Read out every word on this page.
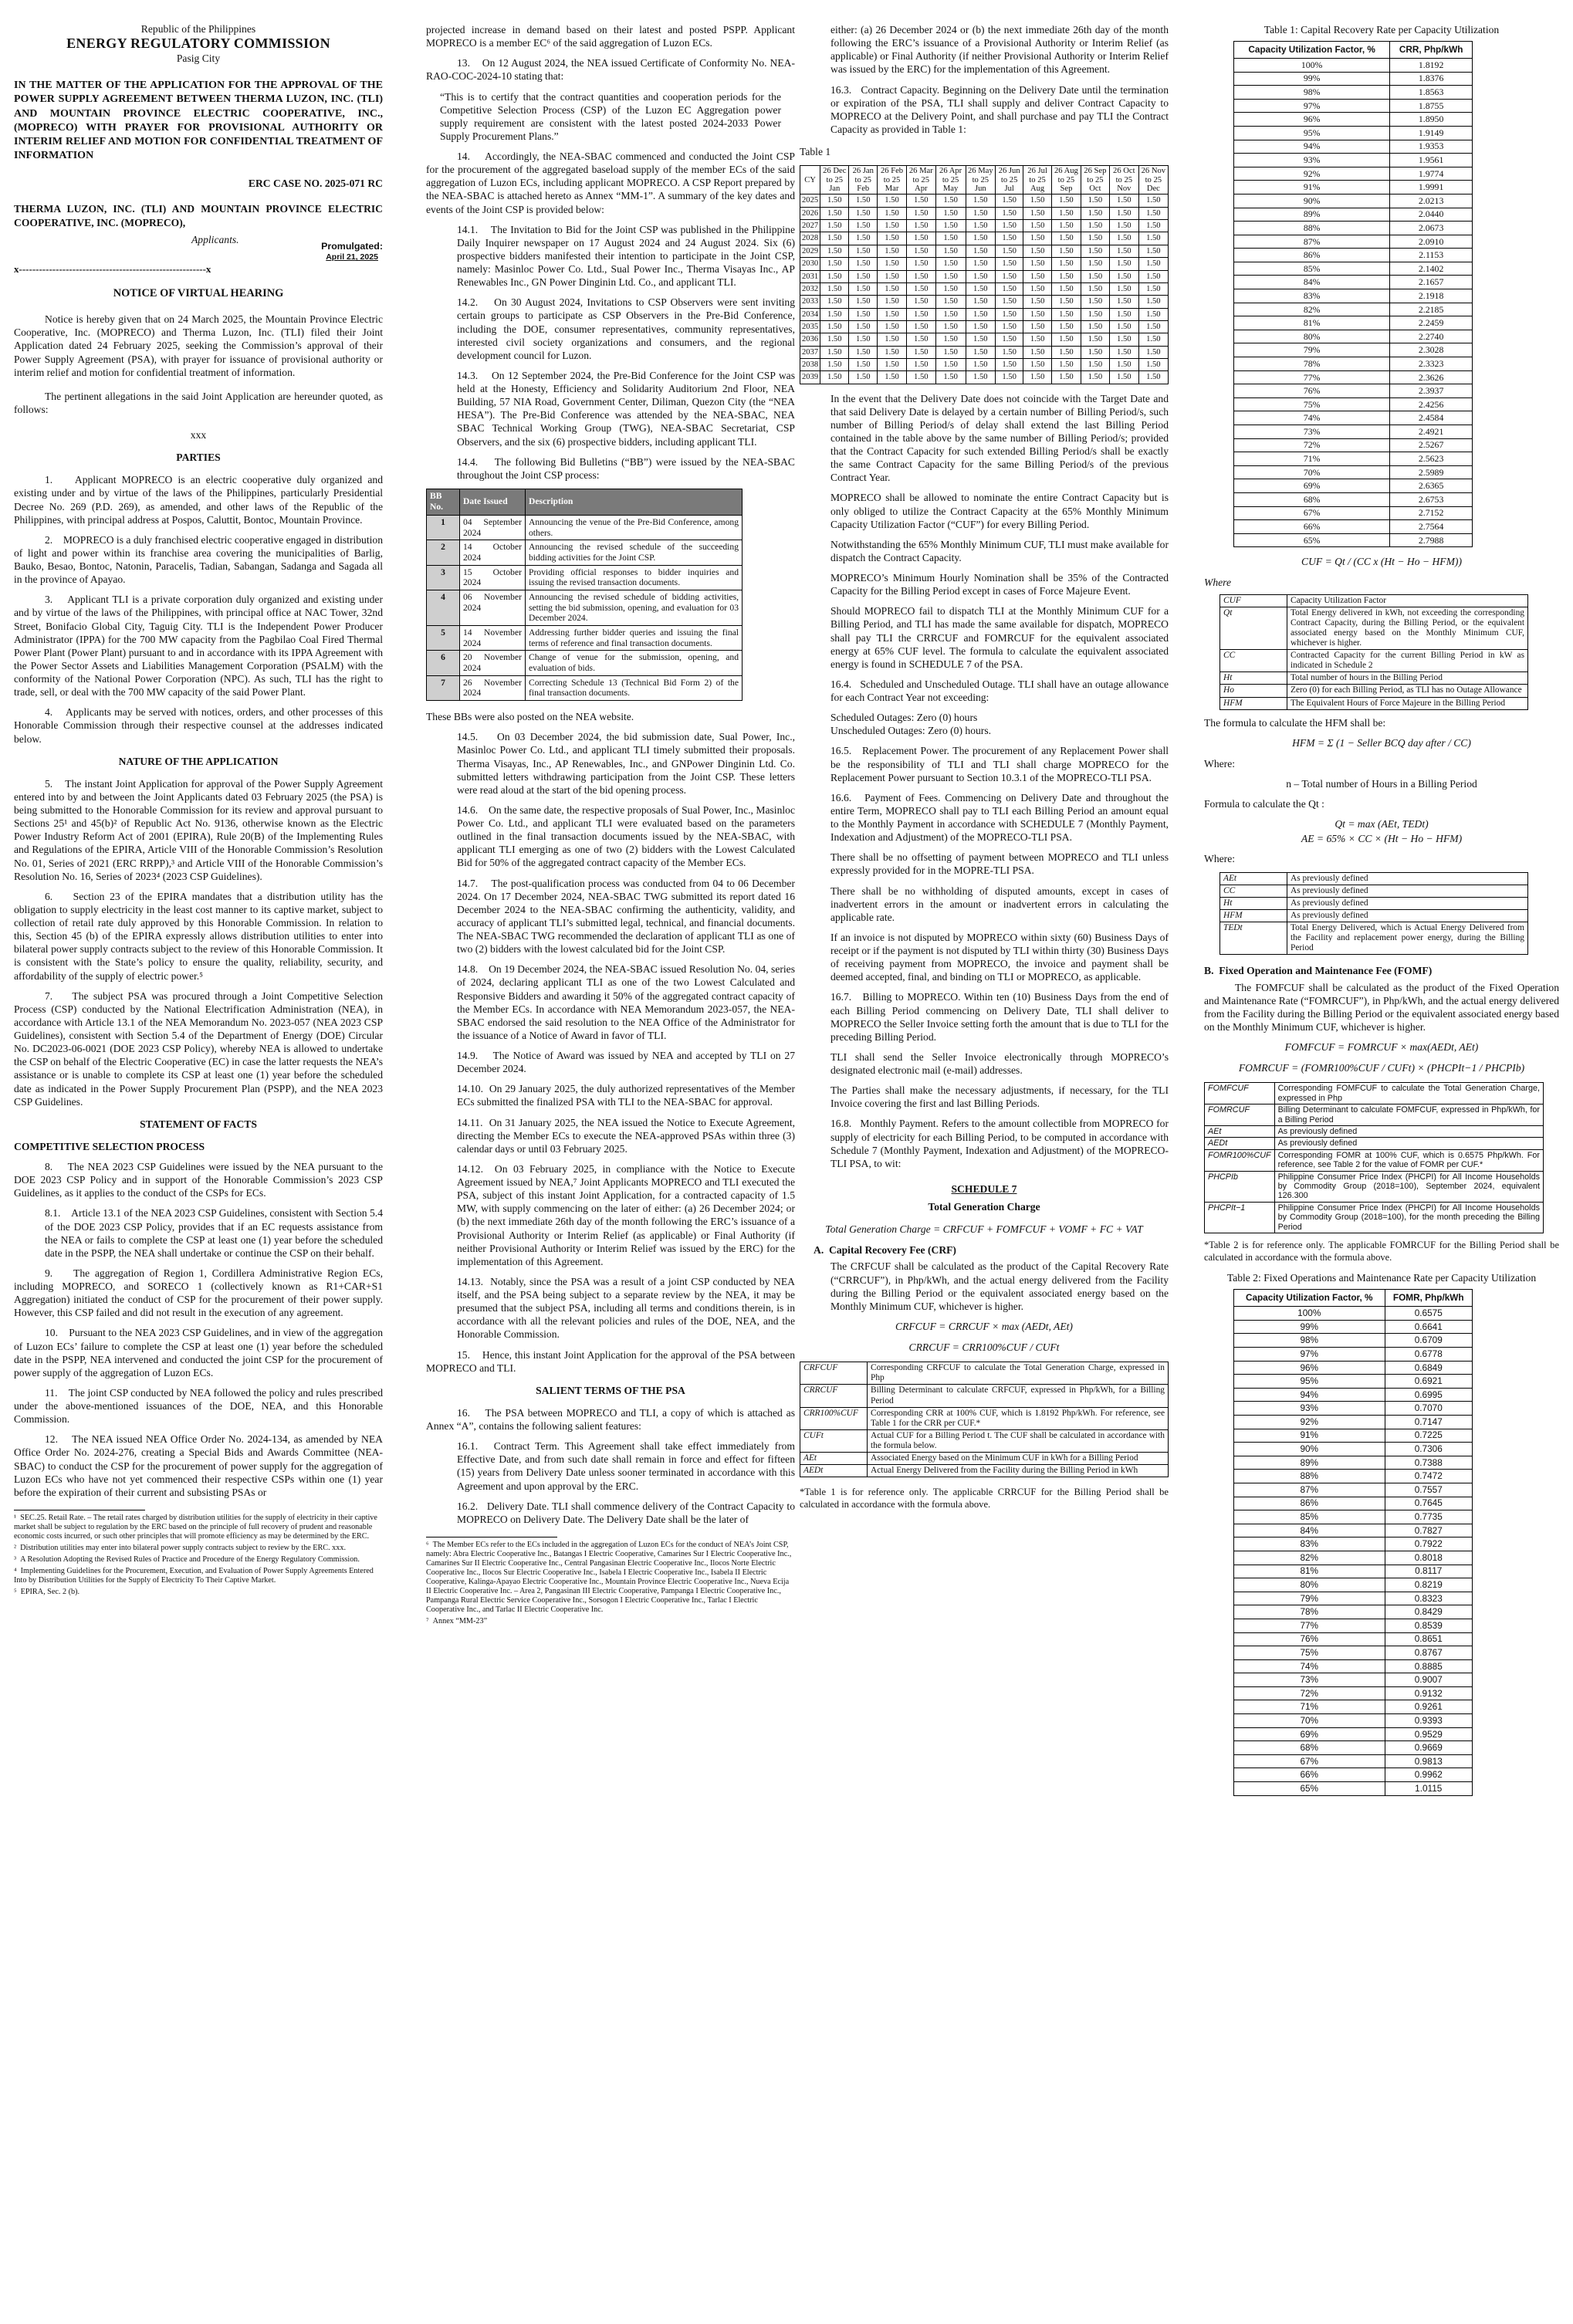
Republic of the Philippines
ENERGY REGULATORY COMMISSION
Pasig City
IN THE MATTER OF THE APPLICATION FOR THE APPROVAL OF THE POWER SUPPLY AGREEMENT BETWEEN THERMA LUZON, INC. (TLI) AND MOUNTAIN PROVINCE ELECTRIC COOPERATIVE, INC., (MOPRECO) WITH PRAYER FOR PROVISIONAL AUTHORITY OR INTERIM RELIEF AND MOTION FOR CONFIDENTIAL TREATMENT OF INFORMATION
ERC CASE NO. 2025-071 RC
THERMA LUZON, INC. (TLI) AND MOUNTAIN PROVINCE ELECTRIC COOPERATIVE, INC. (MOPRECO),
Applicants.
Promulgated:
April 21, 2025
x--------------------------------------------------------x
NOTICE OF VIRTUAL HEARING

Notice is hereby given that on 24 March 2025, the Mountain Province Electric Cooperative, Inc. (MOPRECO) and Therma Luzon, Inc. (TLI) filed their Joint Application dated 24 February 2025, seeking the Commission’s approval of their Power Supply Agreement (PSA), with prayer for issuance of provisional authority or interim relief and motion for confidential treatment of information.

The pertinent allegations in the said Joint Application are hereunder quoted, as follows:

xxx

PARTIES

1.    Applicant MOPRECO is an electric cooperative duly organized and existing under and by virtue of the laws of the Philippines, particularly Presidential Decree No. 269 (P.D. 269), as amended, and other laws of the Republic of the Philippines, with principal address at Pospos, Caluttit, Bontoc, Mountain Province.

2.    MOPRECO is a duly franchised electric cooperative engaged in distribution of light and power within its franchise area covering the municipalities of Barlig, Bauko, Besao, Bontoc, Natonin, Paracelis, Tadian, Sabangan, Sadanga and Sagada all in the province of Apayao.

3.    Applicant TLI is a private corporation duly organized and existing under and by virtue of the laws of the Philippines, with principal office at NAC Tower, 32nd Street, Bonifacio Global City, Taguig City. TLI is the Independent Power Producer Administrator (IPPA) for the 700 MW capacity from the Pagbilao Coal Fired Thermal Power Plant (Power Plant) pursuant to and in accordance with its IPPA Agreement with the Power Sector Assets and Liabilities Management Corporation (PSALM) with the conformity of the National Power Corporation (NPC). As such, TLI has the right to trade, sell, or deal with the 700 MW capacity of the said Power Plant.

4.    Applicants may be served with notices, orders, and other processes of this Honorable Commission through their respective counsel at the addresses indicated below.

NATURE OF THE APPLICATION

5.    The instant Joint Application for approval of the Power Supply Agreement entered into by and between the Joint Applicants dated 03 February 2025 (the PSA) is being submitted to the Honorable Commission for its review and approval pursuant to Sections 25¹ and 45(b)² of Republic Act No. 9136, otherwise known as the Electric Power Industry Reform Act of 2001 (EPIRA), Rule 20(B) of the Implementing Rules and Regulations of the EPIRA, Article VIII of the Honorable Commission’s Resolution No. 01, Series of 2021 (ERC RRPP),³ and Article VIII of the Honorable Commission’s Resolution No. 16, Series of 2023⁴ (2023 CSP Guidelines).

6.    Section 23 of the EPIRA mandates that a distribution utility has the obligation to supply electricity in the least cost manner to its captive market, subject to collection of retail rate duly approved by this Honorable Commission. In relation to this, Section 45 (b) of the EPIRA expressly allows distribution utilities to enter into bilateral power supply contracts subject to the review of this Honorable Commission. It is consistent with the State’s policy to ensure the quality, reliability, security, and affordability of the supply of electric power.⁵

7.    The subject PSA was procured through a Joint Competitive Selection Process (CSP) conducted by the National Electrification Administration (NEA), in accordance with Article 13.1 of the NEA Memorandum No. 2023-057 (NEA 2023 CSP Guidelines), consistent with Section 5.4 of the Department of Energy (DOE) Circular No. DC2023-06-0021 (DOE 2023 CSP Policy), whereby NEA is allowed to undertake the CSP on behalf of the Electric Cooperative (EC) in case the latter requests the NEA’s assistance or is unable to complete its CSP at least one (1) year before the scheduled date as indicated in the Power Supply Procurement Plan (PSPP), and the NEA 2023 CSP Guidelines.

STATEMENT OF FACTS
COMPETITIVE SELECTION PROCESS

8.    The NEA 2023 CSP Guidelines were issued by the NEA pursuant to the DOE 2023 CSP Policy and in support of the Honorable Commission’s 2023 CSP Guidelines, as it applies to the conduct of the CSPs for ECs.

8.1.    Article 13.1 of the NEA 2023 CSP Guidelines, consistent with Section 5.4 of the DOE 2023 CSP Policy, provides that if an EC requests assistance from the NEA or fails to complete the CSP at least one (1) year before the scheduled date in the PSPP, the NEA shall undertake or continue the CSP on their behalf.

9.    The aggregation of Region 1, Cordillera Administrative Region ECs, including MOPRECO, and SORECO 1 (collectively known as R1+CAR+S1 Aggregation) initiated the conduct of CSP for the procurement of their power supply. However, this CSP failed and did not result in the execution of any agreement.

10.    Pursuant to the NEA 2023 CSP Guidelines, and in view of the aggregation of Luzon ECs’ failure to complete the CSP at least one (1) year before the scheduled date in the PSPP, NEA intervened and conducted the joint CSP for the procurement of power supply of the aggregation of Luzon ECs.

11.    The joint CSP conducted by NEA followed the policy and rules prescribed under the above-mentioned issuances of the DOE, NEA, and this Honorable Commission.

12.    The NEA issued NEA Office Order No. 2024-134, as amended by NEA Office Order No. 2024-276, creating a Special Bids and Awards Committee (NEA-SBAC) to conduct the CSP for the procurement of power supply for the aggregation of Luzon ECs who have not yet commenced their respective CSPs within one (1) year before the expiration of their current and subsisting PSAs or

¹  SEC.25. Retail Rate. – The retail rates charged by distribution utilities for the supply of electricity in their captive market shall be subject to regulation by the ERC based on the principle of full recovery of prudent and reasonable economic costs incurred, or such other principles that will promote efficiency as may be determined by the ERC.
²  Distribution utilities may enter into bilateral power supply contracts subject to review by the ERC. xxx.
³  A Resolution Adopting the Revised Rules of Practice and Procedure of the Energy Regulatory Commission.
⁴  Implementing Guidelines for the Procurement, Execution, and Evaluation of Power Supply Agreements Entered Into by Distribution Utilities for the Supply of Electricity To Their Captive Market.
⁵  EPIRA, Sec. 2 (b).

projected increase in demand based on their latest and posted PSPP. Applicant MOPRECO is a member EC⁶ of the said aggregation of Luzon ECs.

13.    On 12 August 2024, the NEA issued Certificate of Conformity No. NEA-RAO-COC-2024-10 stating that:

“This is to certify that the contract quantities and cooperation periods for the Competitive Selection Process (CSP) of the Luzon EC Aggregation power supply requirement are consistent with the latest posted 2024-2033 Power Supply Procurement Plans.”

14.    Accordingly, the NEA-SBAC commenced and conducted the Joint CSP for the procurement of the aggregated baseload supply of the member ECs of the said aggregation of Luzon ECs, including applicant MOPRECO. A CSP Report prepared by the NEA-SBAC is attached hereto as Annex “MM-1”. A summary of the key dates and events of the Joint CSP is provided below:

14.1.    The Invitation to Bid for the Joint CSP was published in the Philippine Daily Inquirer newspaper on 17 August 2024 and 24 August 2024. Six (6) prospective bidders manifested their intention to participate in the Joint CSP, namely: Masinloc Power Co. Ltd., Sual Power Inc., Therma Visayas Inc., AP Renewables Inc., GN Power Dinginin Ltd. Co., and applicant TLI.

14.2.    On 30 August 2024, Invitations to CSP Observers were sent inviting certain groups to participate as CSP Observers in the Pre-Bid Conference, including the DOE, consumer representatives, community representatives, interested civil society organizations and consumers, and the regional development council for Luzon.

14.3.    On 12 September 2024, the Pre-Bid Conference for the Joint CSP was held at the Honesty, Efficiency and Solidarity Auditorium 2nd Floor, NEA Building, 57 NIA Road, Government Center, Diliman, Quezon City (the “NEA HESA”). The Pre-Bid Conference was attended by the NEA-SBAC, NEA SBAC Technical Working Group (TWG), NEA-SBAC Secretariat, CSP Observers, and the six (6) prospective bidders, including applicant TLI.

14.4.    The following Bid Bulletins (“BB”) were issued by the NEA-SBAC throughout the Joint CSP process:

BB No.	Date Issued	Description
1	04 September 2024	Announcing the venue of the Pre-Bid Conference, among others.
2	14 October 2024	Announcing the revised schedule of the succeeding bidding activities for the Joint CSP.
3	15 October 2024	Providing official responses to bidder inquiries and issuing the revised transaction documents.
4	06 November 2024	Announcing the revised schedule of bidding activities, setting the bid submission, opening, and evaluation for 03 December 2024.
5	14 November 2024	Addressing further bidder queries and issuing the final terms of reference and final transaction documents.
6	20 November 2024	Change of venue for the submission, opening, and evaluation of bids.
7	26 November 2024	Correcting Schedule 13 (Technical Bid Form 2) of the final transaction documents.

These BBs were also posted on the NEA website.

14.5.    On 03 December 2024, the bid submission date, Sual Power, Inc., Masinloc Power Co. Ltd., and applicant TLI timely submitted their proposals. Therma Visayas, Inc., AP Renewables, Inc., and GNPower Dinginin Ltd. Co. submitted letters withdrawing participation from the Joint CSP. These letters were read aloud at the start of the bid opening process.

14.6.    On the same date, the respective proposals of Sual Power, Inc., Masinloc Power Co. Ltd., and applicant TLI were evaluated based on the parameters outlined in the final transaction documents issued by the NEA-SBAC, with applicant TLI emerging as one of two (2) bidders with the Lowest Calculated Bid for 50% of the aggregated contract capacity of the Member ECs.

14.7.    The post-qualification process was conducted from 04 to 06 December 2024. On 17 December 2024, NEA-SBAC TWG submitted its report dated 16 December 2024 to the NEA-SBAC confirming the authenticity, validity, and accuracy of applicant TLI’s submitted legal, technical, and financial documents. The NEA-SBAC TWG recommended the declaration of applicant TLI as one of two (2) bidders with the lowest calculated bid for the Joint CSP.

14.8.    On 19 December 2024, the NEA-SBAC issued Resolution No. 04, series of 2024, declaring applicant TLI as one of the two Lowest Calculated and Responsive Bidders and awarding it 50% of the aggregated contract capacity of the Member ECs. In accordance with NEA Memorandum 2023-057, the NEA-SBAC endorsed the said resolution to the NEA Office of the Administrator for the issuance of a Notice of Award in favor of TLI.

14.9.    The Notice of Award was issued by NEA and accepted by TLI on 27 December 2024.

14.10.  On 29 January 2025, the duly authorized representatives of the Member ECs submitted the finalized PSA with TLI to the NEA-SBAC for approval.

14.11.  On 31 January 2025, the NEA issued the Notice to Execute Agreement, directing the Member ECs to execute the NEA-approved PSAs within three (3) calendar days or until 03 February 2025.

14.12.  On 03 February 2025, in compliance with the Notice to Execute Agreement issued by NEA,⁷ Joint Applicants MOPRECO and TLI executed the PSA, subject of this instant Joint Application, for a contracted capacity of 1.5 MW, with supply commencing on the later of either: (a) 26 December 2024; or (b) the next immediate 26th day of the month following the ERC’s issuance of a Provisional Authority or Interim Relief (as applicable) or Final Authority (if neither Provisional Authority or Interim Relief was issued by the ERC) for the implementation of this Agreement.

14.13.  Notably, since the PSA was a result of a joint CSP conducted by NEA itself, and the PSA being subject to a separate review by the NEA, it may be presumed that the subject PSA, including all terms and conditions therein, is in accordance with all the relevant policies and rules of the DOE, NEA, and the Honorable Commission.

15.    Hence, this instant Joint Application for the approval of the PSA between MOPRECO and TLI.

SALIENT TERMS OF THE PSA

16.    The PSA between MOPRECO and TLI, a copy of which is attached as Annex “A”, contains the following salient features:

16.1.   Contract Term. This Agreement shall take effect immediately from Effective Date, and from such date shall remain in force and effect for fifteen (15) years from Delivery Date unless sooner terminated in accordance with this Agreement and upon approval by the ERC.

16.2.   Delivery Date. TLI shall commence delivery of the Contract Capacity to MOPRECO on Delivery Date. The Delivery Date shall be the later of

⁶  The Member ECs refer to the ECs included in the aggregation of Luzon ECs for the conduct of NEA’s Joint CSP, namely: Abra Electric Cooperative Inc., Batangas I Electric Cooperative, Camarines Sur I Electric Cooperative Inc., Camarines Sur II Electric Cooperative Inc., Central Pangasinan Electric Cooperative Inc., Ilocos Norte Electric Cooperative Inc., Ilocos Sur Electric Cooperative Inc., Isabela I Electric Cooperative Inc., Isabela II Electric Cooperative, Kalinga-Apayao Electric Cooperative Inc., Mountain Province Electric Cooperative Inc., Nueva Ecija II Electric Cooperative Inc. – Area 2, Pangasinan III Electric Cooperative, Pampanga I Electric Cooperative Inc., Pampanga Rural Electric Service Cooperative Inc., Sorsogon I Electric Cooperative Inc., Tarlac I Electric Cooperative Inc., and Tarlac II Electric Cooperative Inc.
⁷  Annex “MM-23”

either: (a) 26 December 2024 or (b) the next immediate 26th day of the month following the ERC’s issuance of a Provisional Authority or Interim Relief (as applicable) or Final Authority (if neither Provisional Authority or Interim Relief was issued by the ERC) for the implementation of this Agreement.

16.3.   Contract Capacity. Beginning on the Delivery Date until the termination or expiration of the PSA, TLI shall supply and deliver Contract Capacity to MOPRECO at the Delivery Point, and shall purchase and pay TLI the Contract Capacity as provided in Table 1:

Table 1

CY	26 Dec to 25 Jan	26 Jan to 25 Feb	26 Feb to 25 Mar	26 Mar to 25 Apr	26 Apr to 25 May	26 May to 25 Jun	26 Jun to 25 Jul	26 Jul to 25 Aug	26 Aug to 25 Sep	26 Sep to 25 Oct	26 Oct to 25 Nov	26 Nov to 25 Dec
2025	1.50	1.50	1.50	1.50	1.50	1.50	1.50	1.50	1.50	1.50	1.50	1.50
2026	1.50	1.50	1.50	1.50	1.50	1.50	1.50	1.50	1.50	1.50	1.50	1.50
2027	1.50	1.50	1.50	1.50	1.50	1.50	1.50	1.50	1.50	1.50	1.50	1.50
2028	1.50	1.50	1.50	1.50	1.50	1.50	1.50	1.50	1.50	1.50	1.50	1.50
2029	1.50	1.50	1.50	1.50	1.50	1.50	1.50	1.50	1.50	1.50	1.50	1.50
2030	1.50	1.50	1.50	1.50	1.50	1.50	1.50	1.50	1.50	1.50	1.50	1.50
2031	1.50	1.50	1.50	1.50	1.50	1.50	1.50	1.50	1.50	1.50	1.50	1.50
2032	1.50	1.50	1.50	1.50	1.50	1.50	1.50	1.50	1.50	1.50	1.50	1.50
2033	1.50	1.50	1.50	1.50	1.50	1.50	1.50	1.50	1.50	1.50	1.50	1.50
2034	1.50	1.50	1.50	1.50	1.50	1.50	1.50	1.50	1.50	1.50	1.50	1.50
2035	1.50	1.50	1.50	1.50	1.50	1.50	1.50	1.50	1.50	1.50	1.50	1.50
2036	1.50	1.50	1.50	1.50	1.50	1.50	1.50	1.50	1.50	1.50	1.50	1.50
2037	1.50	1.50	1.50	1.50	1.50	1.50	1.50	1.50	1.50	1.50	1.50	1.50
2038	1.50	1.50	1.50	1.50	1.50	1.50	1.50	1.50	1.50	1.50	1.50	1.50
2039	1.50	1.50	1.50	1.50	1.50	1.50	1.50	1.50	1.50	1.50	1.50	1.50

In the event that the Delivery Date does not coincide with the Target Date and that said Delivery Date is delayed by a certain number of Billing Period/s, such number of Billing Period/s of delay shall extend the last Billing Period contained in the table above by the same number of Billing Period/s; provided that the Contract Capacity for such extended Billing Period/s shall be exactly the same Contract Capacity for the same Billing Period/s of the previous Contract Year.

MOPRECO shall be allowed to nominate the entire Contract Capacity but is only obliged to utilize the Contract Capacity at the 65% Monthly Minimum Capacity Utilization Factor (“CUF”) for every Billing Period.

Notwithstanding the 65% Monthly Minimum CUF, TLI must make available for dispatch the Contract Capacity.

MOPRECO’s Minimum Hourly Nomination shall be 35% of the Contracted Capacity for the Billing Period except in cases of Force Majeure Event.

Should MOPRECO fail to dispatch TLI at the Monthly Minimum CUF for a Billing Period, and TLI has made the same available for dispatch, MOPRECO shall pay TLI the CRRCUF and FOMRCUF for the equivalent associated energy at 65% CUF level. The formula to calculate the equivalent associated energy is found in SCHEDULE 7 of the PSA.

16.4.   Scheduled and Unscheduled Outage. TLI shall have an outage allowance for each Contract Year not exceeding:

Scheduled Outages: Zero (0) hours

Unscheduled Outages: Zero (0) hours.

16.5.   Replacement Power. The procurement of any Replacement Power shall be the responsibility of TLI and TLI shall charge MOPRECO for the Replacement Power pursuant to Section 10.3.1 of the MOPRECO-TLI PSA.

16.6.   Payment of Fees. Commencing on Delivery Date and throughout the entire Term, MOPRECO shall pay to TLI each Billing Period an amount equal to the Monthly Payment in accordance with SCHEDULE 7 (Monthly Payment, Indexation and Adjustment) of the MOPRECO-TLI PSA.

There shall be no offsetting of payment between MOPRECO and TLI unless expressly provided for in the MOPRE-TLI PSA.

There shall be no withholding of disputed amounts, except in cases of inadvertent errors in the amount or inadvertent errors in calculating the applicable rate.

If an invoice is not disputed by MOPRECO within sixty (60) Business Days of receipt or if the payment is not disputed by TLI within thirty (30) Business Days of receiving payment from MOPRECO, the invoice and payment shall be deemed accepted, final, and binding on TLI or MOPRECO, as applicable.

16.7.   Billing to MOPRECO. Within ten (10) Business Days from the end of each Billing Period commencing on Delivery Date, TLI shall deliver to MOPRECO the Seller Invoice setting forth the amount that is due to TLI for the preceding Billing Period.

TLI shall send the Seller Invoice electronically through MOPRECO’s designated electronic mail (e-mail) addresses.

The Parties shall make the necessary adjustments, if necessary, for the TLI Invoice covering the first and last Billing Periods.

16.8.   Monthly Payment. Refers to the amount collectible from MOPRECO for supply of electricity for each Billing Period, to be computed in accordance with Schedule 7 (Monthly Payment, Indexation and Adjustment) of the MOPRECO-TLI PSA, to wit:

SCHEDULE 7
Total Generation Charge
Total Generation Charge = CRFCUF + FOMFCUF + VOMF + FC + VAT
A.  Capital Recovery Fee (CRF)

The CRFCUF shall be calculated as the product of the Capital Recovery Rate (“CRRCUF”), in Php/kWh, and the actual energy delivered from the Facility during the Billing Period or the equivalent associated energy based on the Monthly Minimum CUF, whichever is higher.

CRFCUF = CRRCUF × max (AEDt, AEt)
CRRCUF = CRR100%CUF / CUFt
CRFCUF	Corresponding CRFCUF to calculate the Total Generation Charge, expressed in Php
CRRCUF	Billing Determinant to calculate CRFCUF, expressed in Php/kWh, for a Billing Period
CRR100%CUF	Corresponding CRR at 100% CUF, which is 1.8192 Php/kWh. For reference, see Table 1 for the CRR per CUF.*
CUFt	Actual CUF for a Billing Period t. The CUF shall be calculated in accordance with the formula below.
AEt	Associated Energy based on the Minimum CUF in kWh for a Billing Period
AEDt	Actual Energy Delivered from the Facility during the Billing Period in kWh

*Table 1 is for reference only. The applicable CRRCUF for the Billing Period shall be calculated in accordance with the formula above.

Table 1: Capital Recovery Rate per Capacity Utilization
Capacity Utilization Factor, %	CRR, Php/kWh
100%	1.8192
99%	1.8376
98%	1.8563
97%	1.8755
96%	1.8950
95%	1.9149
94%	1.9353
93%	1.9561
92%	1.9774
91%	1.9991
90%	2.0213
89%	2.0440
88%	2.0673
87%	2.0910
86%	2.1153
85%	2.1402
84%	2.1657
83%	2.1918
82%	2.2185
81%	2.2459
80%	2.2740
79%	2.3028
78%	2.3323
77%	2.3626
76%	2.3937
75%	2.4256
74%	2.4584
73%	2.4921
72%	2.5267
71%	2.5623
70%	2.5989
69%	2.6365
68%	2.6753
67%	2.7152
66%	2.7564
65%	2.7988
CUF = Qt / (CC x (Ht − Ho − HFM))
Where
CUF	Capacity Utilization Factor
Qt	Total Energy delivered in kWh, not exceeding the corresponding Contract Capacity, during the Billing Period, or the equivalent associated energy based on the Monthly Minimum CUF, whichever is higher.
CC	Contracted Capacity for the current Billing Period in kW as indicated in Schedule 2
Ht	Total number of hours in the Billing Period
Ho	Zero (0) for each Billing Period, as TLI has no Outage Allowance
HFM	The Equivalent Hours of Force Majeure in the Billing Period

The formula to calculate the HFM shall be:

HFM = Σ (1 − Seller BCQ day after / CC)

Where:

n – Total number of Hours in a Billing Period

Formula to calculate the Qt :

Qt = max (AEt, TEDt)
AE = 65% × CC × (Ht − Ho − HFM)

Where:

AEt	As previously defined
CC	As previously defined
Ht	As previously defined
HFM	As previously defined
TEDt	Total Energy Delivered, which is Actual Energy Delivered from the Facility and replacement power energy, during the Billing Period
B.  Fixed Operation and Maintenance Fee (FOMF)

The FOMFCUF shall be calculated as the product of the Fixed Operation and Maintenance Rate (“FOMRCUF”), in Php/kWh, and the actual energy delivered from the Facility during the Billing Period or the equivalent associated energy based on the Monthly Minimum CUF, whichever is higher.

FOMFCUF = FOMRCUF × max(AEDt, AEt)
FOMRCUF = (FOMR100%CUF / CUFt) × (PHCPIt−1 / PHCPIb)
FOMFCUF	Corresponding FOMFCUF to calculate the Total Generation Charge, expressed in Php
FOMRCUF	Billing Determinant to calculate FOMFCUF, expressed in Php/kWh, for a Billing Period
AEt	As previously defined
AEDt	As previously defined
FOMR100%CUF	Corresponding FOMR at 100% CUF, which is 0.6575 Php/kWh. For reference, see Table 2 for the value of FOMR per CUF.*
PHCPIb	Philippine Consumer Price Index (PHCPI) for All Income Households by Commodity Group (2018=100), September 2024, equivalent 126.300
PHCPIt−1	Philippine Consumer Price Index (PHCPI) for All Income Households by Commodity Group (2018=100), for the month preceding the Billing Period

*Table 2 is for reference only. The applicable FOMRCUF for the Billing Period shall be calculated in accordance with the formula above.

Table 2: Fixed Operations and Maintenance Rate per Capacity Utilization
Capacity Utilization Factor, %	FOMR, Php/kWh
100%	0.6575
99%	0.6641
98%	0.6709
97%	0.6778
96%	0.6849
95%	0.6921
94%	0.6995
93%	0.7070
92%	0.7147
91%	0.7225
90%	0.7306
89%	0.7388
88%	0.7472
87%	0.7557
86%	0.7645
85%	0.7735
84%	0.7827
83%	0.7922
82%	0.8018
81%	0.8117
80%	0.8219
79%	0.8323
78%	0.8429
77%	0.8539
76%	0.8651
75%	0.8767
74%	0.8885
73%	0.9007
72%	0.9132
71%	0.9261
70%	0.9393
69%	0.9529
68%	0.9669
67%	0.9813
66%	0.9962
65%	1.0115
